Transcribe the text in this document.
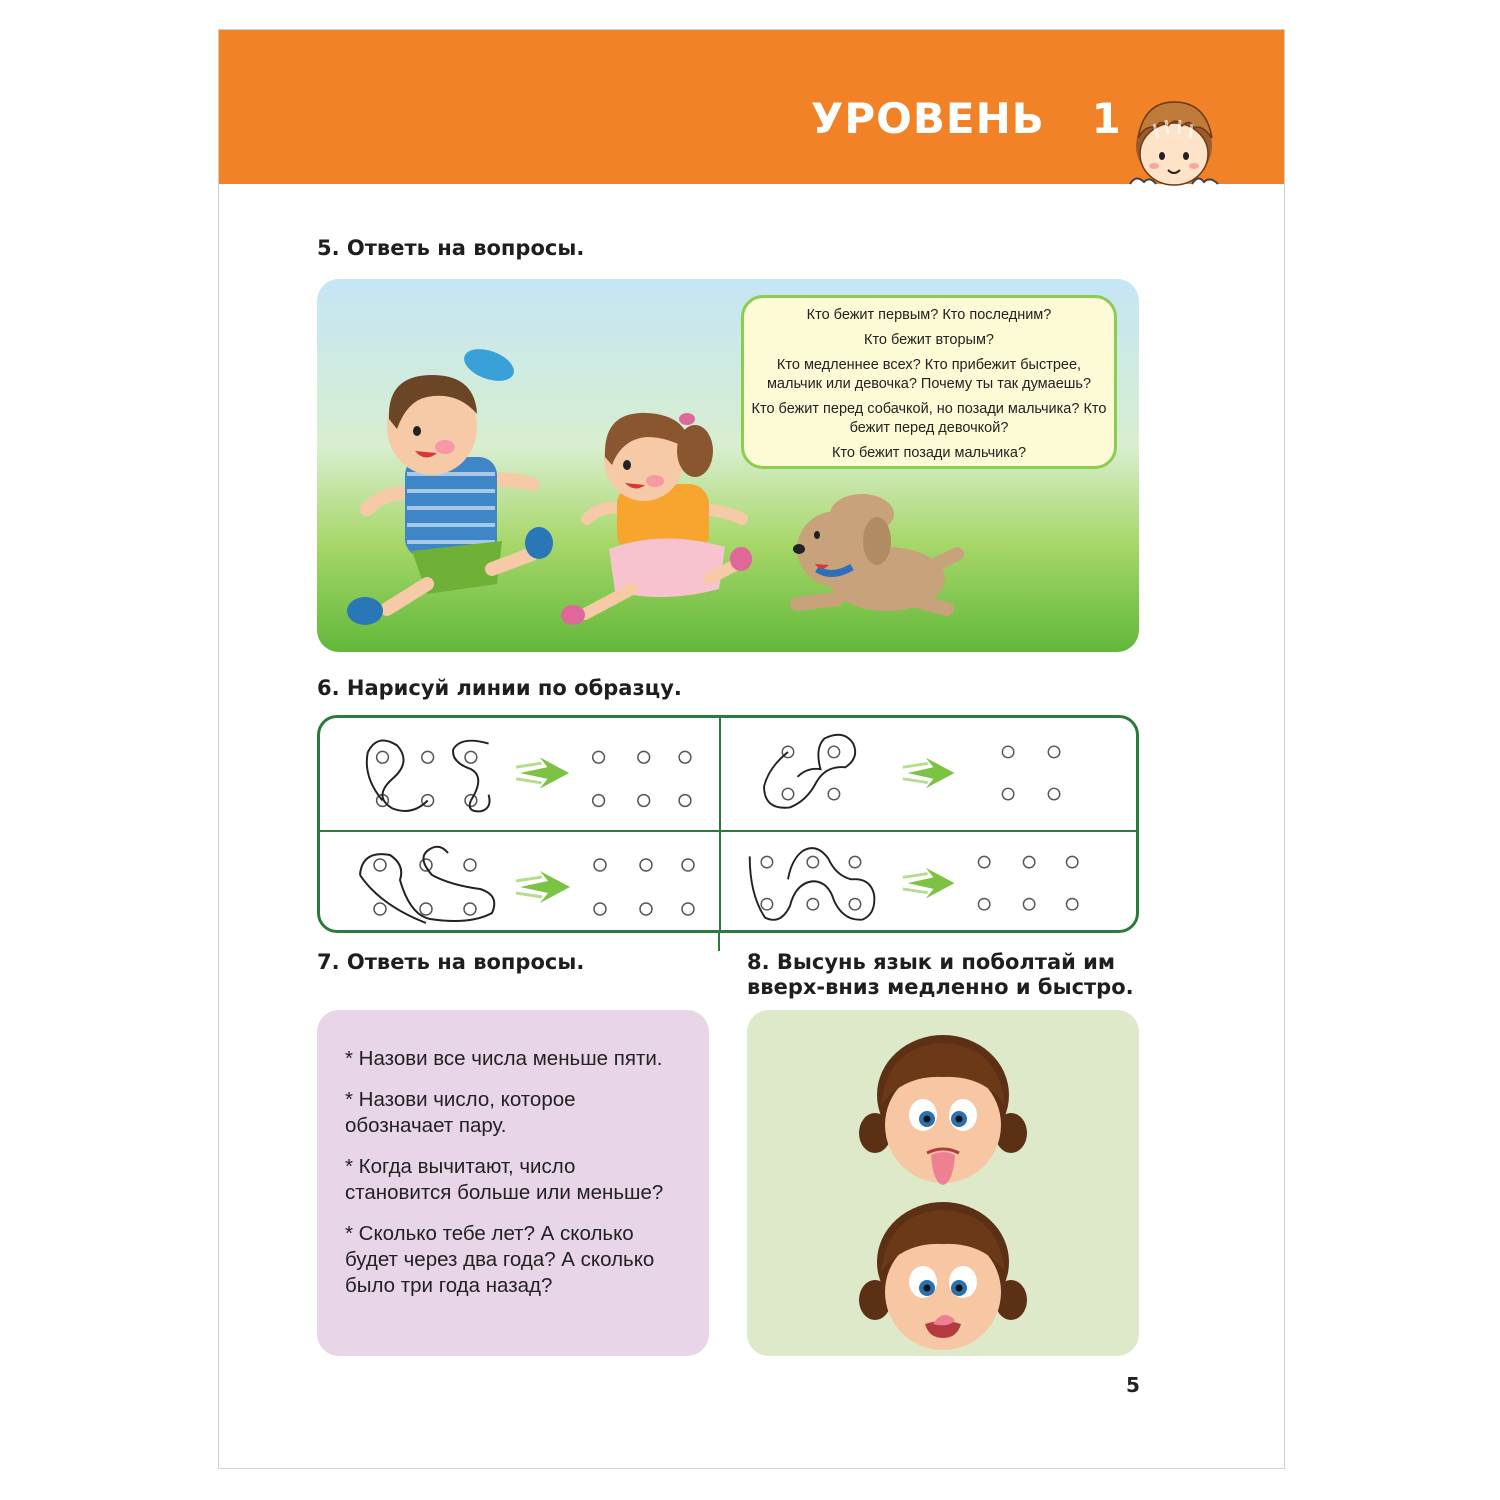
УРОВЕНЬ   1
5. Ответь на вопросы.

Кто бежит первым? Кто последним?

Кто бежит вторым?

Кто медленнее всех? Кто прибежит быстрее, мальчик или девочка? Почему ты так думаешь?

Кто бежит перед собачкой, но позади мальчика? Кто бежит перед девочкой?

Кто бежит позади мальчика?

6. Нарисуй линии по образцу.
7. Ответь на вопросы.	8. Высунь язык и поболтай им
вверх-вниз медленно и быстро.

* Назови все числа меньше пяти.

* Назови число, которое обозначает пару.

* Когда вычитают, число становится больше или меньше?

* Сколько тебе лет? А сколько будет через два года? А сколько было три года назад?

5
